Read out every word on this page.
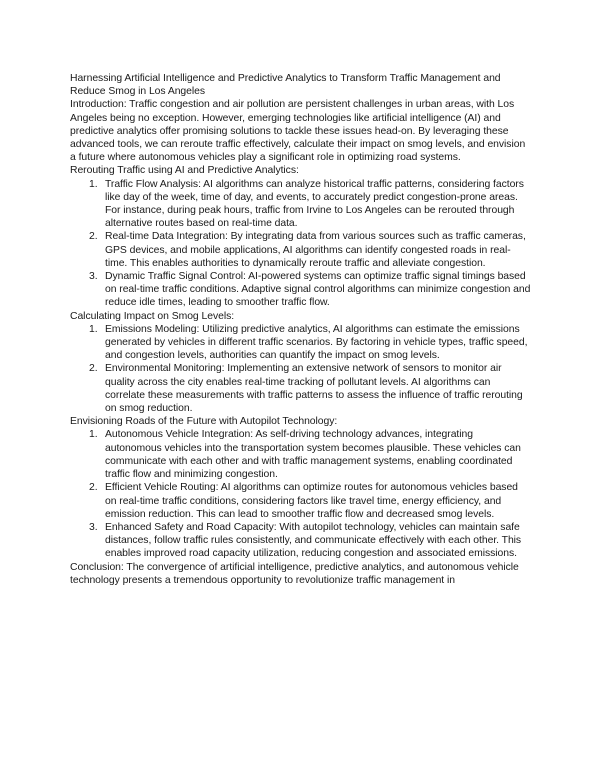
Harnessing Artificial Intelligence and Predictive Analytics to Transform Traffic Management and Reduce Smog in Los Angeles

Introduction: Traffic congestion and air pollution are persistent challenges in urban areas, with Los Angeles being no exception. However, emerging technologies like artificial intelligence (AI) and predictive analytics offer promising solutions to tackle these issues head-on. By leveraging these advanced tools, we can reroute traffic effectively, calculate their impact on smog levels, and envision a future where autonomous vehicles play a significant role in optimizing road systems.

Rerouting Traffic using AI and Predictive Analytics:

1. Traffic Flow Analysis: AI algorithms can analyze historical traffic patterns, considering factors like day of the week, time of day, and events, to accurately predict congestion-prone areas. For instance, during peak hours, traffic from Irvine to Los Angeles can be rerouted through alternative routes based on real-time data.
2. Real-time Data Integration: By integrating data from various sources such as traffic cameras, GPS devices, and mobile applications, AI algorithms can identify congested roads in real-time. This enables authorities to dynamically reroute traffic and alleviate congestion.
3. Dynamic Traffic Signal Control: AI-powered systems can optimize traffic signal timings based on real-time traffic conditions. Adaptive signal control algorithms can minimize congestion and reduce idle times, leading to smoother traffic flow.

Calculating Impact on Smog Levels:

1. Emissions Modeling: Utilizing predictive analytics, AI algorithms can estimate the emissions generated by vehicles in different traffic scenarios. By factoring in vehicle types, traffic speed, and congestion levels, authorities can quantify the impact on smog levels.
2. Environmental Monitoring: Implementing an extensive network of sensors to monitor air quality across the city enables real-time tracking of pollutant levels. AI algorithms can correlate these measurements with traffic patterns to assess the influence of traffic rerouting on smog reduction.

Envisioning Roads of the Future with Autopilot Technology:

1. Autonomous Vehicle Integration: As self-driving technology advances, integrating autonomous vehicles into the transportation system becomes plausible. These vehicles can communicate with each other and with traffic management systems, enabling coordinated traffic flow and minimizing congestion.
2. Efficient Vehicle Routing: AI algorithms can optimize routes for autonomous vehicles based on real-time traffic conditions, considering factors like travel time, energy efficiency, and emission reduction. This can lead to smoother traffic flow and decreased smog levels.
3. Enhanced Safety and Road Capacity: With autopilot technology, vehicles can maintain safe distances, follow traffic rules consistently, and communicate effectively with each other. This enables improved road capacity utilization, reducing congestion and associated emissions.

Conclusion: The convergence of artificial intelligence, predictive analytics, and autonomous vehicle technology presents a tremendous opportunity to revolutionize traffic management in
